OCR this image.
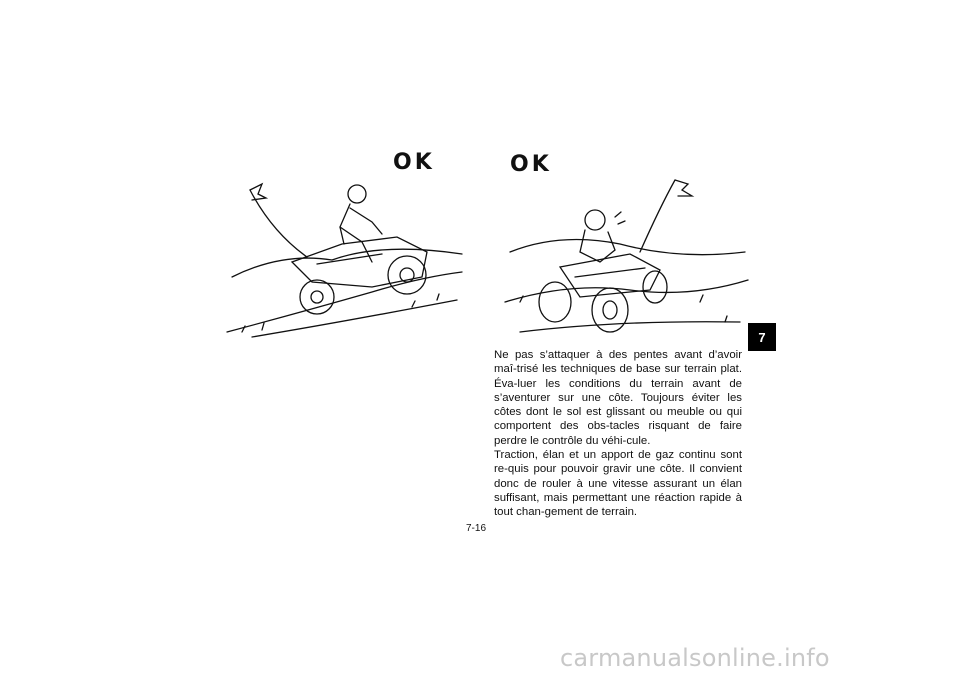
OK	OK

Ne pas s’attaquer à des pentes avant d’avoir maî-trisé les techniques de base sur terrain plat. Éva-luer les conditions du terrain avant de s’aventurer sur une côte. Toujours éviter les côtes dont le sol est glissant ou meuble ou qui comportent des obs-tacles risquant de faire perdre le contrôle du véhi-cule.

Traction, élan et un apport de gaz continu sont re-quis pour pouvoir gravir une côte. Il convient donc de rouler à une vitesse assurant un élan suffisant, mais permettant une réaction rapide à tout chan-gement de terrain.

7-16
7
carmanualsonline.info
